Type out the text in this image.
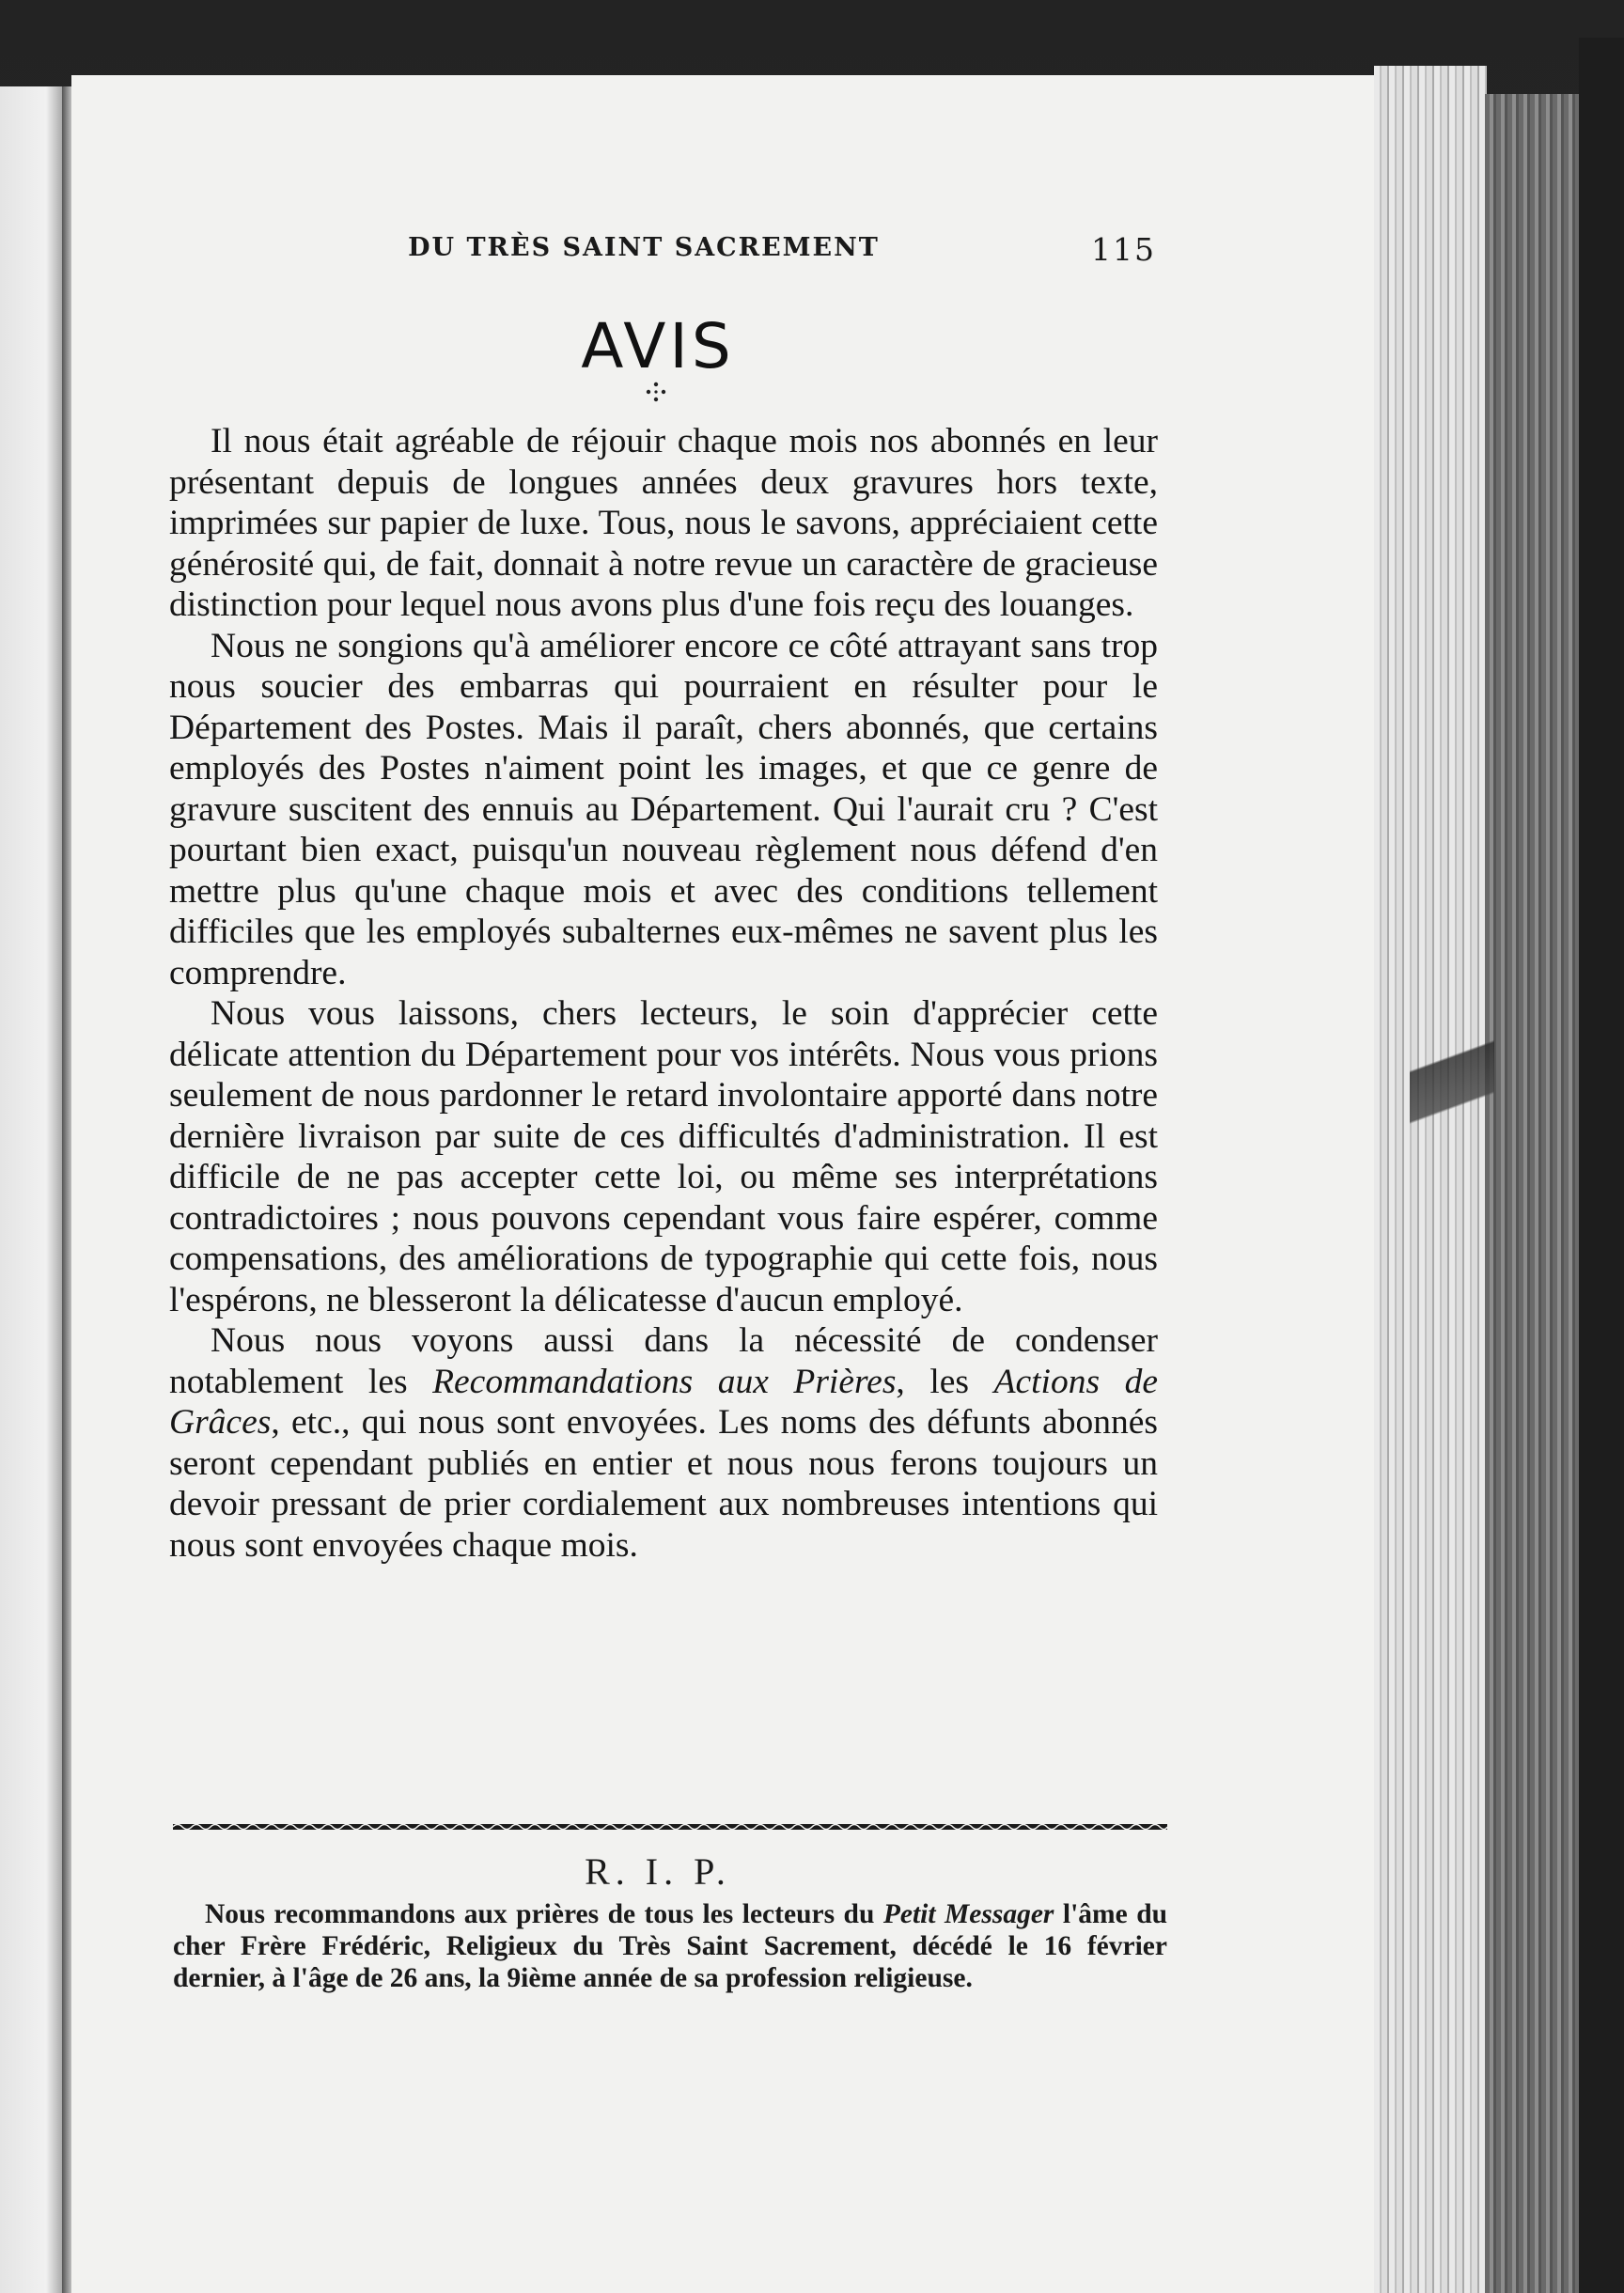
DU TRÈS SAINT SACREMENT	115
AVIS

Il nous était agréable de réjouir chaque mois nos abonnés en leur présentant depuis de longues années deux gravures hors texte, imprimées sur papier de luxe. Tous, nous le savons, appréciaient cette générosité qui, de fait, donnait à notre revue un caractère de gracieuse distinction pour lequel nous avons plus d'une fois reçu des louanges.

Nous ne songions qu'à améliorer encore ce côté attrayant sans trop nous soucier des embarras qui pourraient en résulter pour le Département des Postes. Mais il paraît, chers abonnés, que certains employés des Postes n'aiment point les images, et que ce genre de gravure suscitent des ennuis au Département. Qui l'aurait cru ? C'est pourtant bien exact, puisqu'un nouveau règlement nous défend d'en mettre plus qu'une chaque mois et avec des conditions tellement difficiles que les employés subalternes eux-mêmes ne savent plus les comprendre.

Nous vous laissons, chers lecteurs, le soin d'apprécier cette délicate attention du Département pour vos intérêts. Nous vous prions seulement de nous pardonner le retard involontaire apporté dans notre dernière livraison par suite de ces difficultés d'administration. Il est difficile de ne pas accepter cette loi, ou même ses interprétations contradictoires ; nous pouvons cependant vous faire espérer, comme compensations, des améliorations de typographie qui cette fois, nous l'espérons, ne blesseront la délicatesse d'aucun employé.

Nous nous voyons aussi dans la nécessité de condenser notablement les Recommandations aux Prières, les Actions de Grâces, etc., qui nous sont envoyées. Les noms des défunts abonnés seront cependant publiés en entier et nous nous ferons toujours un devoir pressant de prier cordialement aux nombreuses intentions qui nous sont envoyées chaque mois.

R. I. P.

Nous recommandons aux prières de tous les lecteurs du Petit Messager l'âme du cher Frère Frédéric, Religieux du Très Saint Sacrement, décédé le 16 février dernier, à l'âge de 26 ans, la 9ième année de sa profession religieuse.
